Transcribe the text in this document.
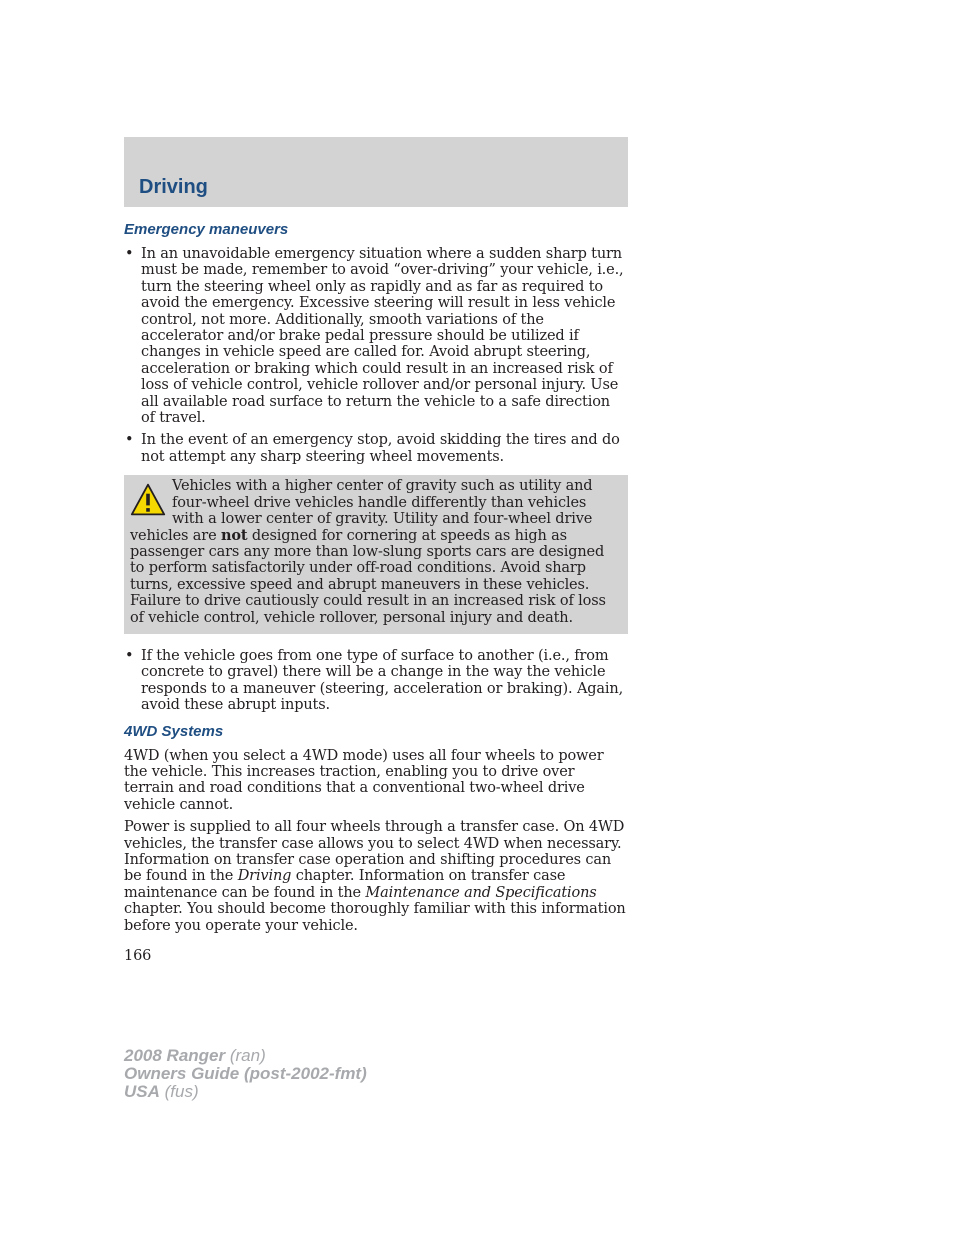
Driving
Emergency maneuvers
• In an unavoidable emergency situation where a sudden sharp turn must be made, remember to avoid “over-driving” your vehicle, i.e., turn the steering wheel only as rapidly and as far as required to avoid the emergency. Excessive steering will result in less vehicle control, not more. Additionally, smooth variations of the accelerator and/or brake pedal pressure should be utilized if changes in vehicle speed are called for. Avoid abrupt steering, acceleration or braking which could result in an increased risk of loss of vehicle control, vehicle rollover and/or personal injury. Use all available road surface to return the vehicle to a safe direction of travel.
• In the event of an emergency stop, avoid skidding the tires and do not attempt any sharp steering wheel movements.

Vehicles with a higher center of gravity such as utility and four-wheel drive vehicles handle differently than vehicles with a lower center of gravity. Utility and four-wheel drive vehicles are not designed for cornering at speeds as high as passenger cars any more than low-slung sports cars are designed to perform satisfactorily under off-road conditions. Avoid sharp turns, excessive speed and abrupt maneuvers in these vehicles. Failure to drive cautiously could result in an increased risk of loss of vehicle control, vehicle rollover, personal injury and death.

• If the vehicle goes from one type of surface to another (i.e., from concrete to gravel) there will be a change in the way the vehicle responds to a maneuver (steering, acceleration or braking). Again, avoid these abrupt inputs.
4WD Systems

4WD (when you select a 4WD mode) uses all four wheels to power the vehicle. This increases traction, enabling you to drive over terrain and road conditions that a conventional two-wheel drive vehicle cannot.

Power is supplied to all four wheels through a transfer case. On 4WD vehicles, the transfer case allows you to select 4WD when necessary. Information on transfer case operation and shifting procedures can be found in the Driving chapter. Information on transfer case maintenance can be found in the Maintenance and Specifications chapter. You should become thoroughly familiar with this information before you operate your vehicle.

166
2008 Ranger (ran)
Owners Guide (post-2002-fmt)
USA (fus)
